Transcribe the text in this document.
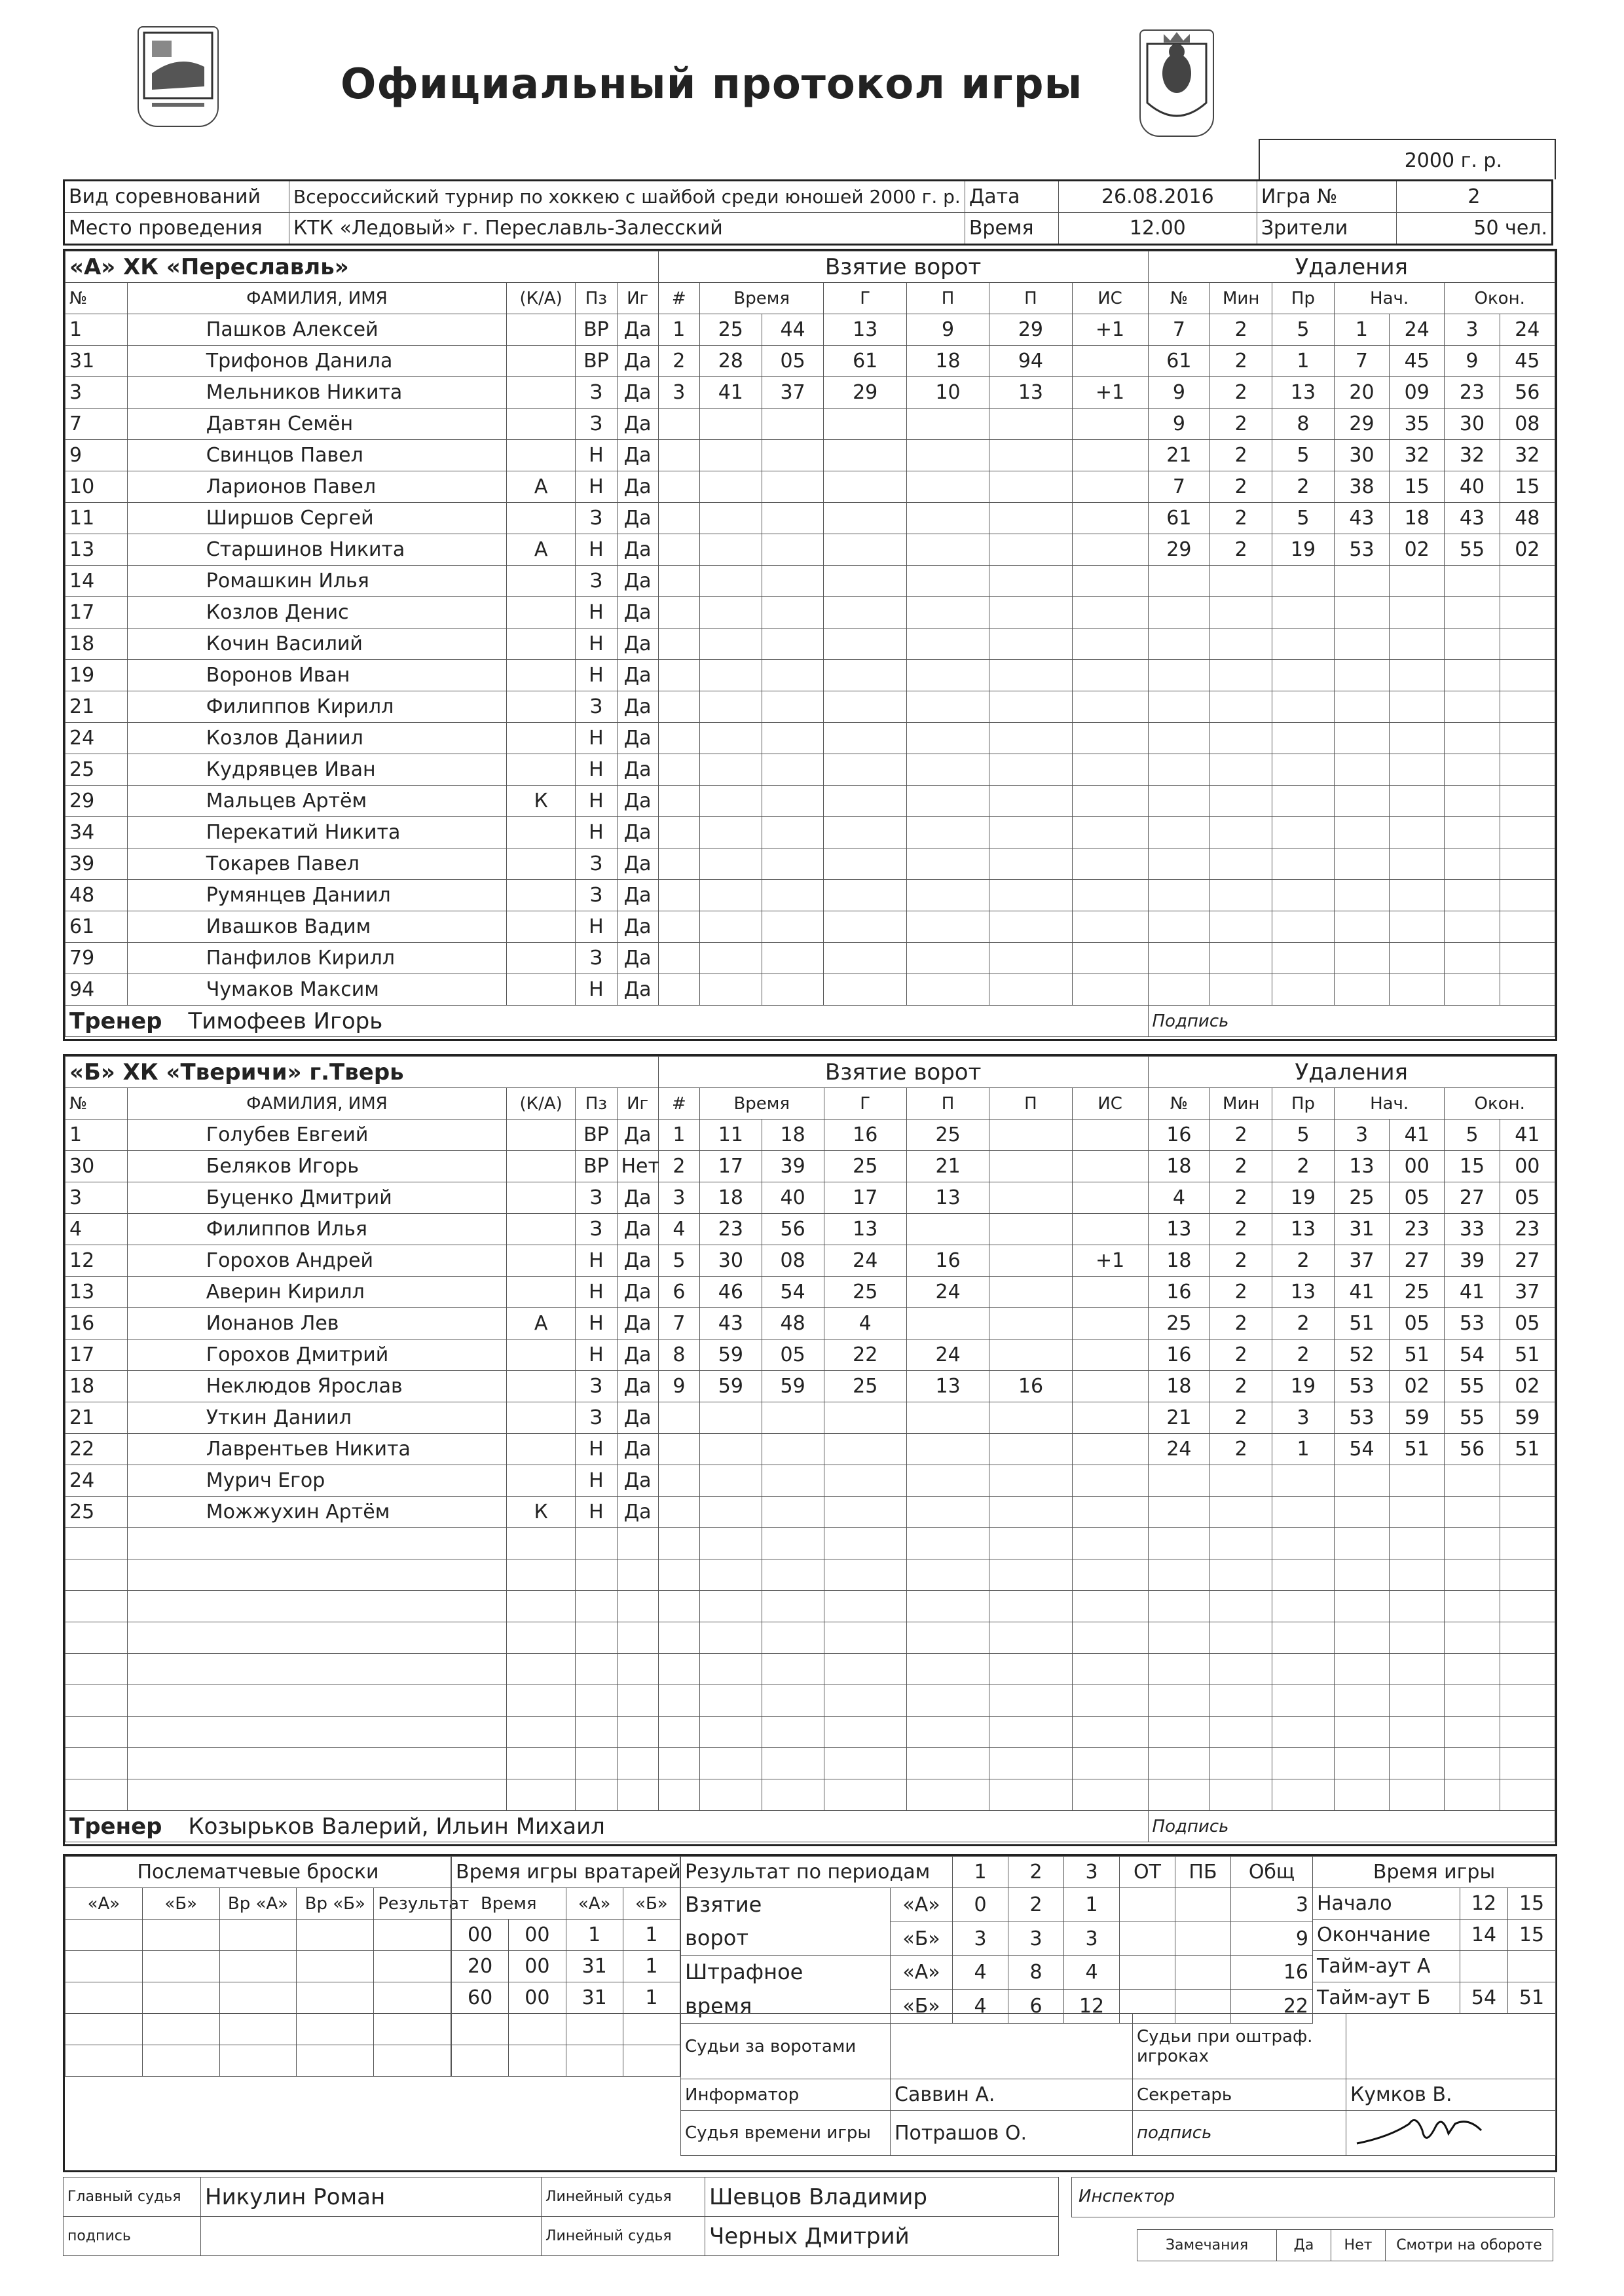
Официальный протокол игры
2000 г. р.
Вид соревнований	Всероссийский турнир по хоккею с шайбой среди юношей 2000 г. р.	Дата	26.08.2016	Игра №	2
Место проведения	КТК «Ледовый» г. Переславль-Залесский	Время	12.00	Зрители	50 чел.
«А» ХК «Переславль»					Взятие ворот							Удаления						
№	ФАМИЛИЯ, ИМЯ	(К/А)	Пз	Иг	#	Время		Г	П	П	ИС	№	Мин	Пр	Нач.		Окон.	
1	Пашков Алексей		ВР	Да	1	25	44	13	9	29	+1	7	2	5	1	24	3	24
31	Трифонов Данила		ВР	Да	2	28	05	61	18	94		61	2	1	7	45	9	45
3	Мельников Никита		З	Да	3	41	37	29	10	13	+1	9	2	13	20	09	23	56
7	Давтян Семён		З	Да								9	2	8	29	35	30	08
9	Свинцов Павел		Н	Да								21	2	5	30	32	32	32
10	Ларионов Павел	А	Н	Да								7	2	2	38	15	40	15
11	Ширшов Сергей		З	Да								61	2	5	43	18	43	48
13	Старшинов Никита	А	Н	Да								29	2	19	53	02	55	02
14	Ромашкин Илья		З	Да														
17	Козлов Денис		Н	Да														
18	Кочин Василий		Н	Да														
19	Воронов Иван		Н	Да														
21	Филиппов Кирилл		З	Да														
24	Козлов Даниил		Н	Да														
25	Кудрявцев Иван		Н	Да														
29	Мальцев Артём	К	Н	Да														
34	Перекатий Никита		Н	Да														
39	Токарев Павел		З	Да														
48	Румянцев Даниил		З	Да														
61	Ивашков Вадим		Н	Да														
79	Панфилов Кирилл		З	Да														
94	Чумаков Максим		Н	Да														
Тренер Тимофеев Игорь												Подпись						
«Б» ХК «Тверичи» г.Тверь					Взятие ворот							Удаления						
№	ФАМИЛИЯ, ИМЯ	(К/А)	Пз	Иг	#	Время		Г	П	П	ИС	№	Мин	Пр	Нач.		Окон.	
1	Голубев Евгеий		ВР	Да	1	11	18	16	25			16	2	5	3	41	5	41
30	Беляков Игорь		ВР	Нет	2	17	39	25	21			18	2	2	13	00	15	00
3	Буценко Дмитрий		З	Да	3	18	40	17	13			4	2	19	25	05	27	05
4	Филиппов Илья		З	Да	4	23	56	13				13	2	13	31	23	33	23
12	Горохов Андрей		Н	Да	5	30	08	24	16		+1	18	2	2	37	27	39	27
13	Аверин Кирилл		Н	Да	6	46	54	25	24			16	2	13	41	25	41	37
16	Ионанов Лев	А	Н	Да	7	43	48	4				25	2	2	51	05	53	05
17	Горохов Дмитрий		Н	Да	8	59	05	22	24			16	2	2	52	51	54	51
18	Неклюдов Ярослав		З	Да	9	59	59	25	13	16		18	2	19	53	02	55	02
21	Уткин Даниил		З	Да								21	2	3	53	59	55	59
22	Лаврентьев Никита		Н	Да								24	2	1	54	51	56	51
24	Мурич Егор		Н	Да														
25	Можжухин Артём	К	Н	Да														

Тренер Козырьков Валерий, Ильин Михаил												Подпись						
Послематчевые броски				
«А»	«Б»	Вр «А»	Вр «Б»	Результат

Время игры вратарей			
Время		«А»	«Б»
00	00	1	1
20	00	31	1
60	00	31	1

Результат по периодам		1	2	3	ОТ	ПБ	Общ

Взятие
ворот	«А»	0	2	1			3
	«Б»	3	3	3			9

Штрафное
время	«А»	4	8	4			16
	«Б»	4	6	12			22
Время игры		
Начало	12	15
Окончание	14	15
Тайм-аут А		
Тайм-аут Б	54	51
Судьи за воротами		Судьи при оштраф. игроках	
Информатор	Саввин А.	Секретарь	Кумков В.
Судья времени игры	Потрашов О.	подпись	
Главный судья	Никулин Роман	Линейный судья	Шевцов Владимир
подпись		Линейный судья	Черных Дмитрий
Инспектор
Замечания	Да	Нет	Смотри на обороте
